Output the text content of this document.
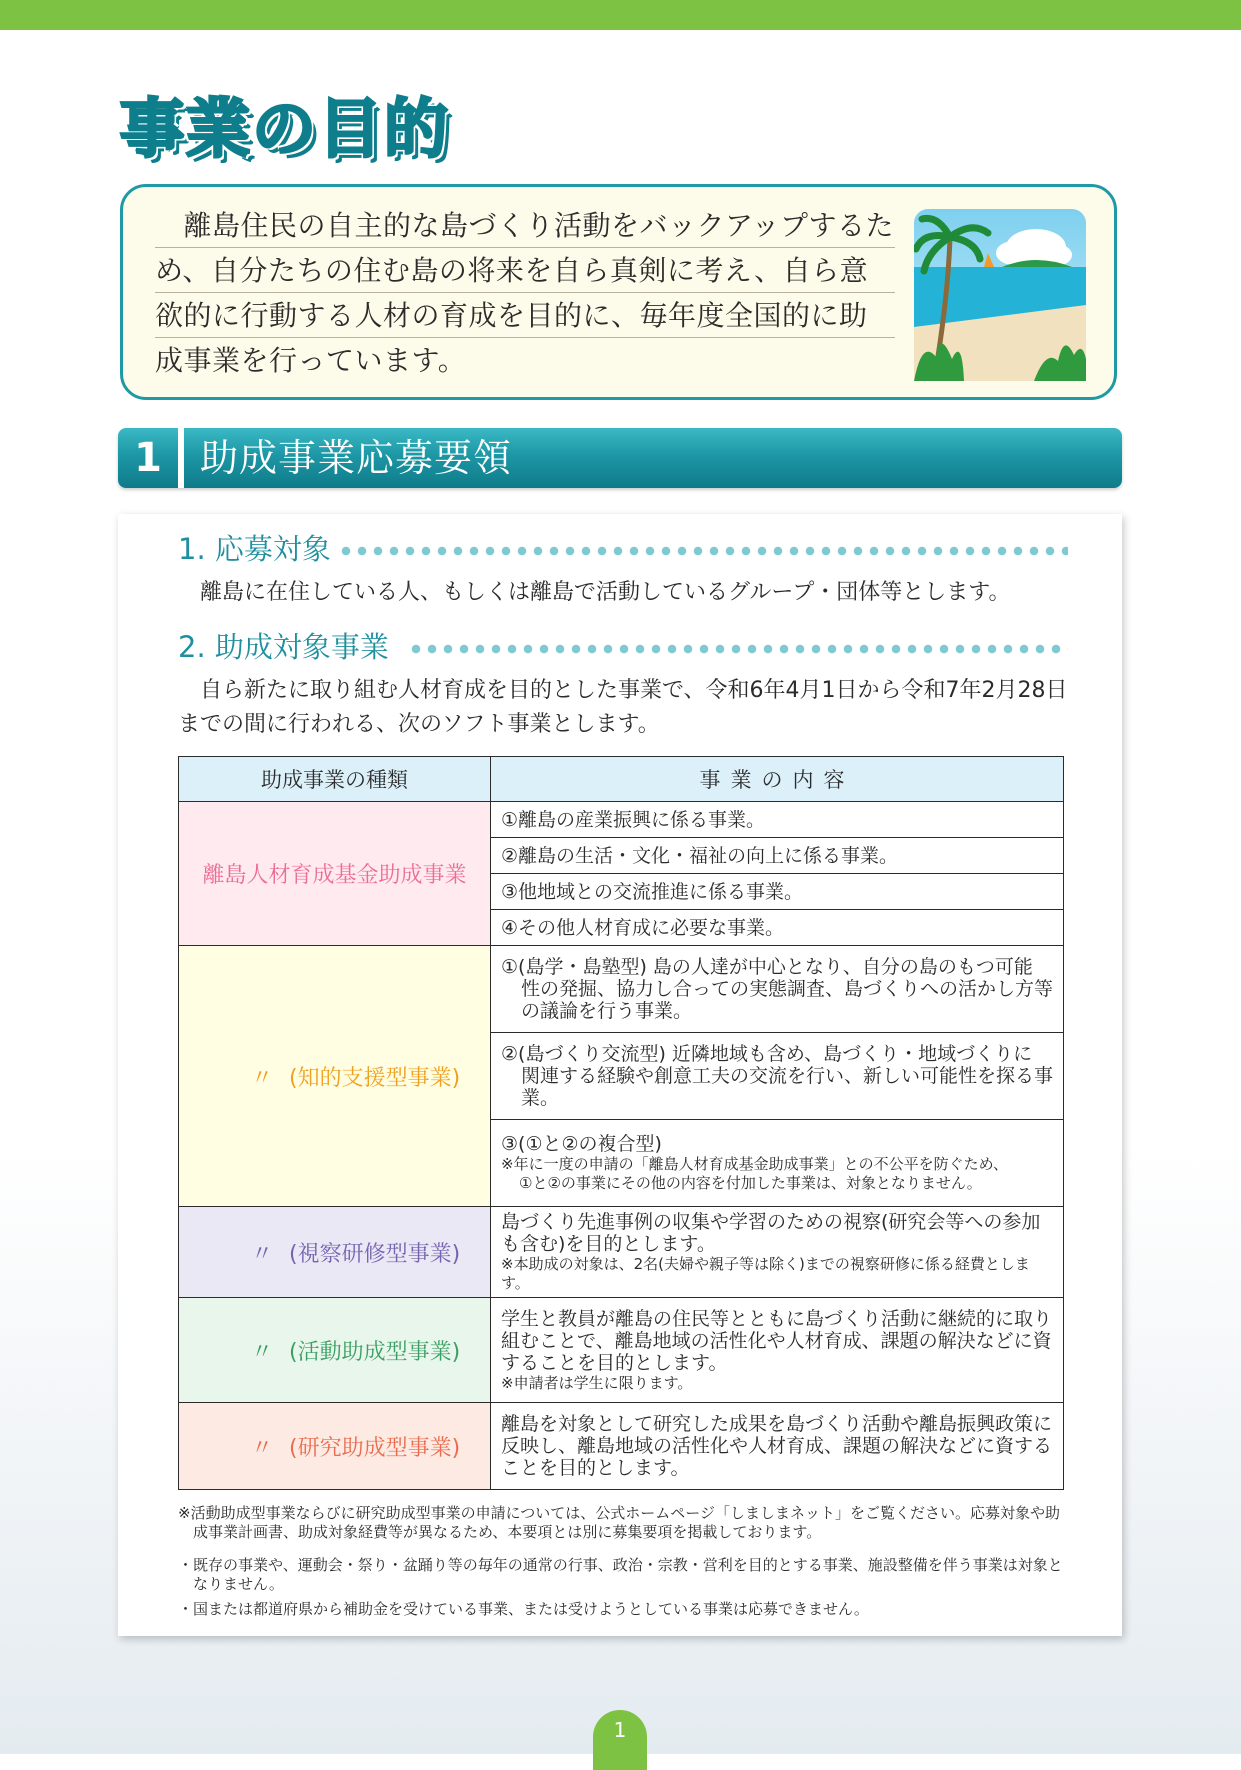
事業の目的
　離島住民の自主的な島づくり活動をバックアップするため、自分たちの住む島の将来を自ら真剣に考え、自ら意欲的に行動する人材の育成を目的に、毎年度全国的に助成事業を行っています。
1	助成事業応募要領
1. 応募対象
離島に在住している人、もしくは離島で活動しているグループ・団体等とします。
2. 助成対象事業
自ら新たに取り組む人材育成を目的とした事業で、令和6年4月1日から令和7年2月28日までの間に行われる、次のソフト事業とします。
助成事業の種類	事業の内容
離島人材育成基金助成事業	①離島の産業振興に係る事業。
	②離島の生活・文化・福祉の向上に係る事業。
	③他地域との交流推進に係る事業。
	④その他人材育成に必要な事業。

〃 (知的支援型事業)	①(島学・島塾型) 島の人達が中心となり、自分の島のもつ可能
性の発掘、協力し合っての実態調査、島づくりへの活かし方等の議論を行う事業。

	②(島づくり交流型) 近隣地域も含め、島づくり・地域づくりに
関連する経験や創意工夫の交流を行い、新しい可能性を探る事業。

	③(①と②の複合型)
※年に一度の申請の「離島人材育成基金助成事業」との不公平を防ぐため、
①と②の事業にその他の内容を付加した事業は、対象となりません。

〃 (視察研修型事業)	島づくり先進事例の収集や学習のための視察(研究会等への参加も含む)を目的とします。
※本助成の対象は、2名(夫婦や親子等は除く)までの視察研修に係る経費とします。

〃 (活動助成型事業)	学生と教員が離島の住民等とともに島づくり活動に継続的に取り組むことで、離島地域の活性化や人材育成、課題の解決などに資することを目的とします。
※申請者は学生に限ります。

〃 (研究助成型事業)	離島を対象として研究した成果を島づくり活動や離島振興政策に反映し、離島地域の活性化や人材育成、課題の解決などに資することを目的とします。
※活動助成型事業ならびに研究助成型事業の申請については、公式ホームページ「しましまネット」をご覧ください。応募対象や助成事業計画書、助成対象経費等が異なるため、本要項とは別に募集要項を掲載しております。
・既存の事業や、運動会・祭り・盆踊り等の毎年の通常の行事、政治・宗教・営利を目的とする事業、施設整備を伴う事業は対象となりません。
・国または都道府県から補助金を受けている事業、または受けようとしている事業は応募できません。
1
